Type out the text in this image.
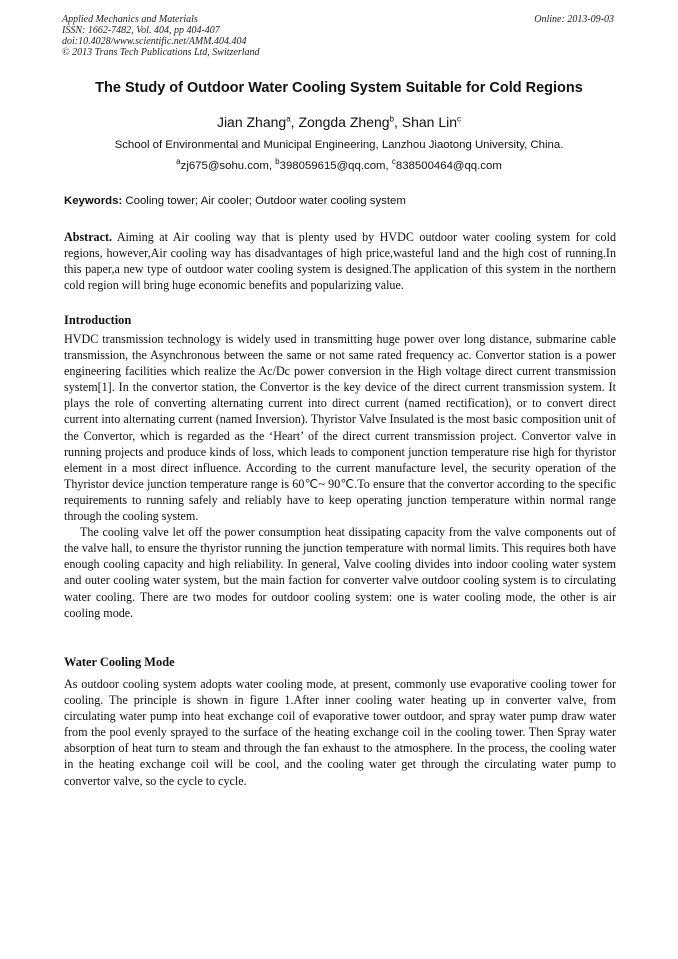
Applied Mechanics and Materials
ISSN: 1662-7482, Vol. 404, pp 404-407
doi:10.4028/www.scientific.net/AMM.404.404
© 2013 Trans Tech Publications Ltd, Switzerland
Online: 2013-09-03
The Study of Outdoor Water Cooling System Suitable for Cold Regions
Jian Zhang$^a$, Zongda Zheng$^b$, Shan Lin$^c$
School of Environmental and Municipal Engineering, Lanzhou Jiaotong University, China.
$^a$zj675@sohu.com, $^b$398059615@qq.com, $^c$838500464@qq.com
Keywords: Cooling tower; Air cooler; Outdoor water cooling system
Abstract. Aiming at Air cooling way that is plenty used by HVDC outdoor water cooling system for cold regions, however,Air cooling way has disadvantages of high price,wasteful land and the high cost of running.In this paper,a new type of outdoor water cooling system is designed.The application of this system in the northern cold region will bring huge economic benefits and popularizing value.
Introduction

HVDC transmission technology is widely used in transmitting huge power over long distance, submarine cable transmission, the Asynchronous between the same or not same rated frequency ac. Convertor station is a power engineering facilities which realize the Ac/Dc power conversion in the High voltage direct current transmission system[1]. In the convertor station, the Convertor is the key device of the direct current transmission system. It plays the role of converting alternating current into direct current (named rectification), or to convert direct current into alternating current (named Inversion). Thyristor Valve Insulated is the most basic composition unit of the Convertor, which is regarded as the ‘Heart’ of the direct current transmission project. Convertor valve in running projects and produce kinds of loss, which leads to component junction temperature rise high for thyristor element in a most direct influence. According to the current manufacture level, the security operation of the Thyristor device junction temperature range is 60℃~ 90℃.To ensure that the convertor according to the specific requirements to running safely and reliably have to keep operating junction temperature within normal range through the cooling system.

The cooling valve let off the power consumption heat dissipating capacity from the valve components out of the valve hall, to ensure the thyristor running the junction temperature with normal limits. This requires both have enough cooling capacity and high reliability. In general, Valve cooling divides into indoor cooling water system and outer cooling water system, but the main faction for converter valve outdoor cooling system is to circulating water cooling. There are two modes for outdoor cooling system: one is water cooling mode, the other is air cooling mode.

Water Cooling Mode

As outdoor cooling system adopts water cooling mode, at present, commonly use evaporative cooling tower for cooling. The principle is shown in figure 1.After inner cooling water heating up in converter valve, from circulating water pump into heat exchange coil of evaporative tower outdoor, and spray water pump draw water from the pool evenly sprayed to the surface of the heating exchange coil in the cooling tower. Then Spray water absorption of heat turn to steam and through the fan exhaust to the atmosphere. In the process, the cooling water in the heating exchange coil will be cool, and the cooling water get through the circulating water pump to convertor valve, so the cycle to cycle.
